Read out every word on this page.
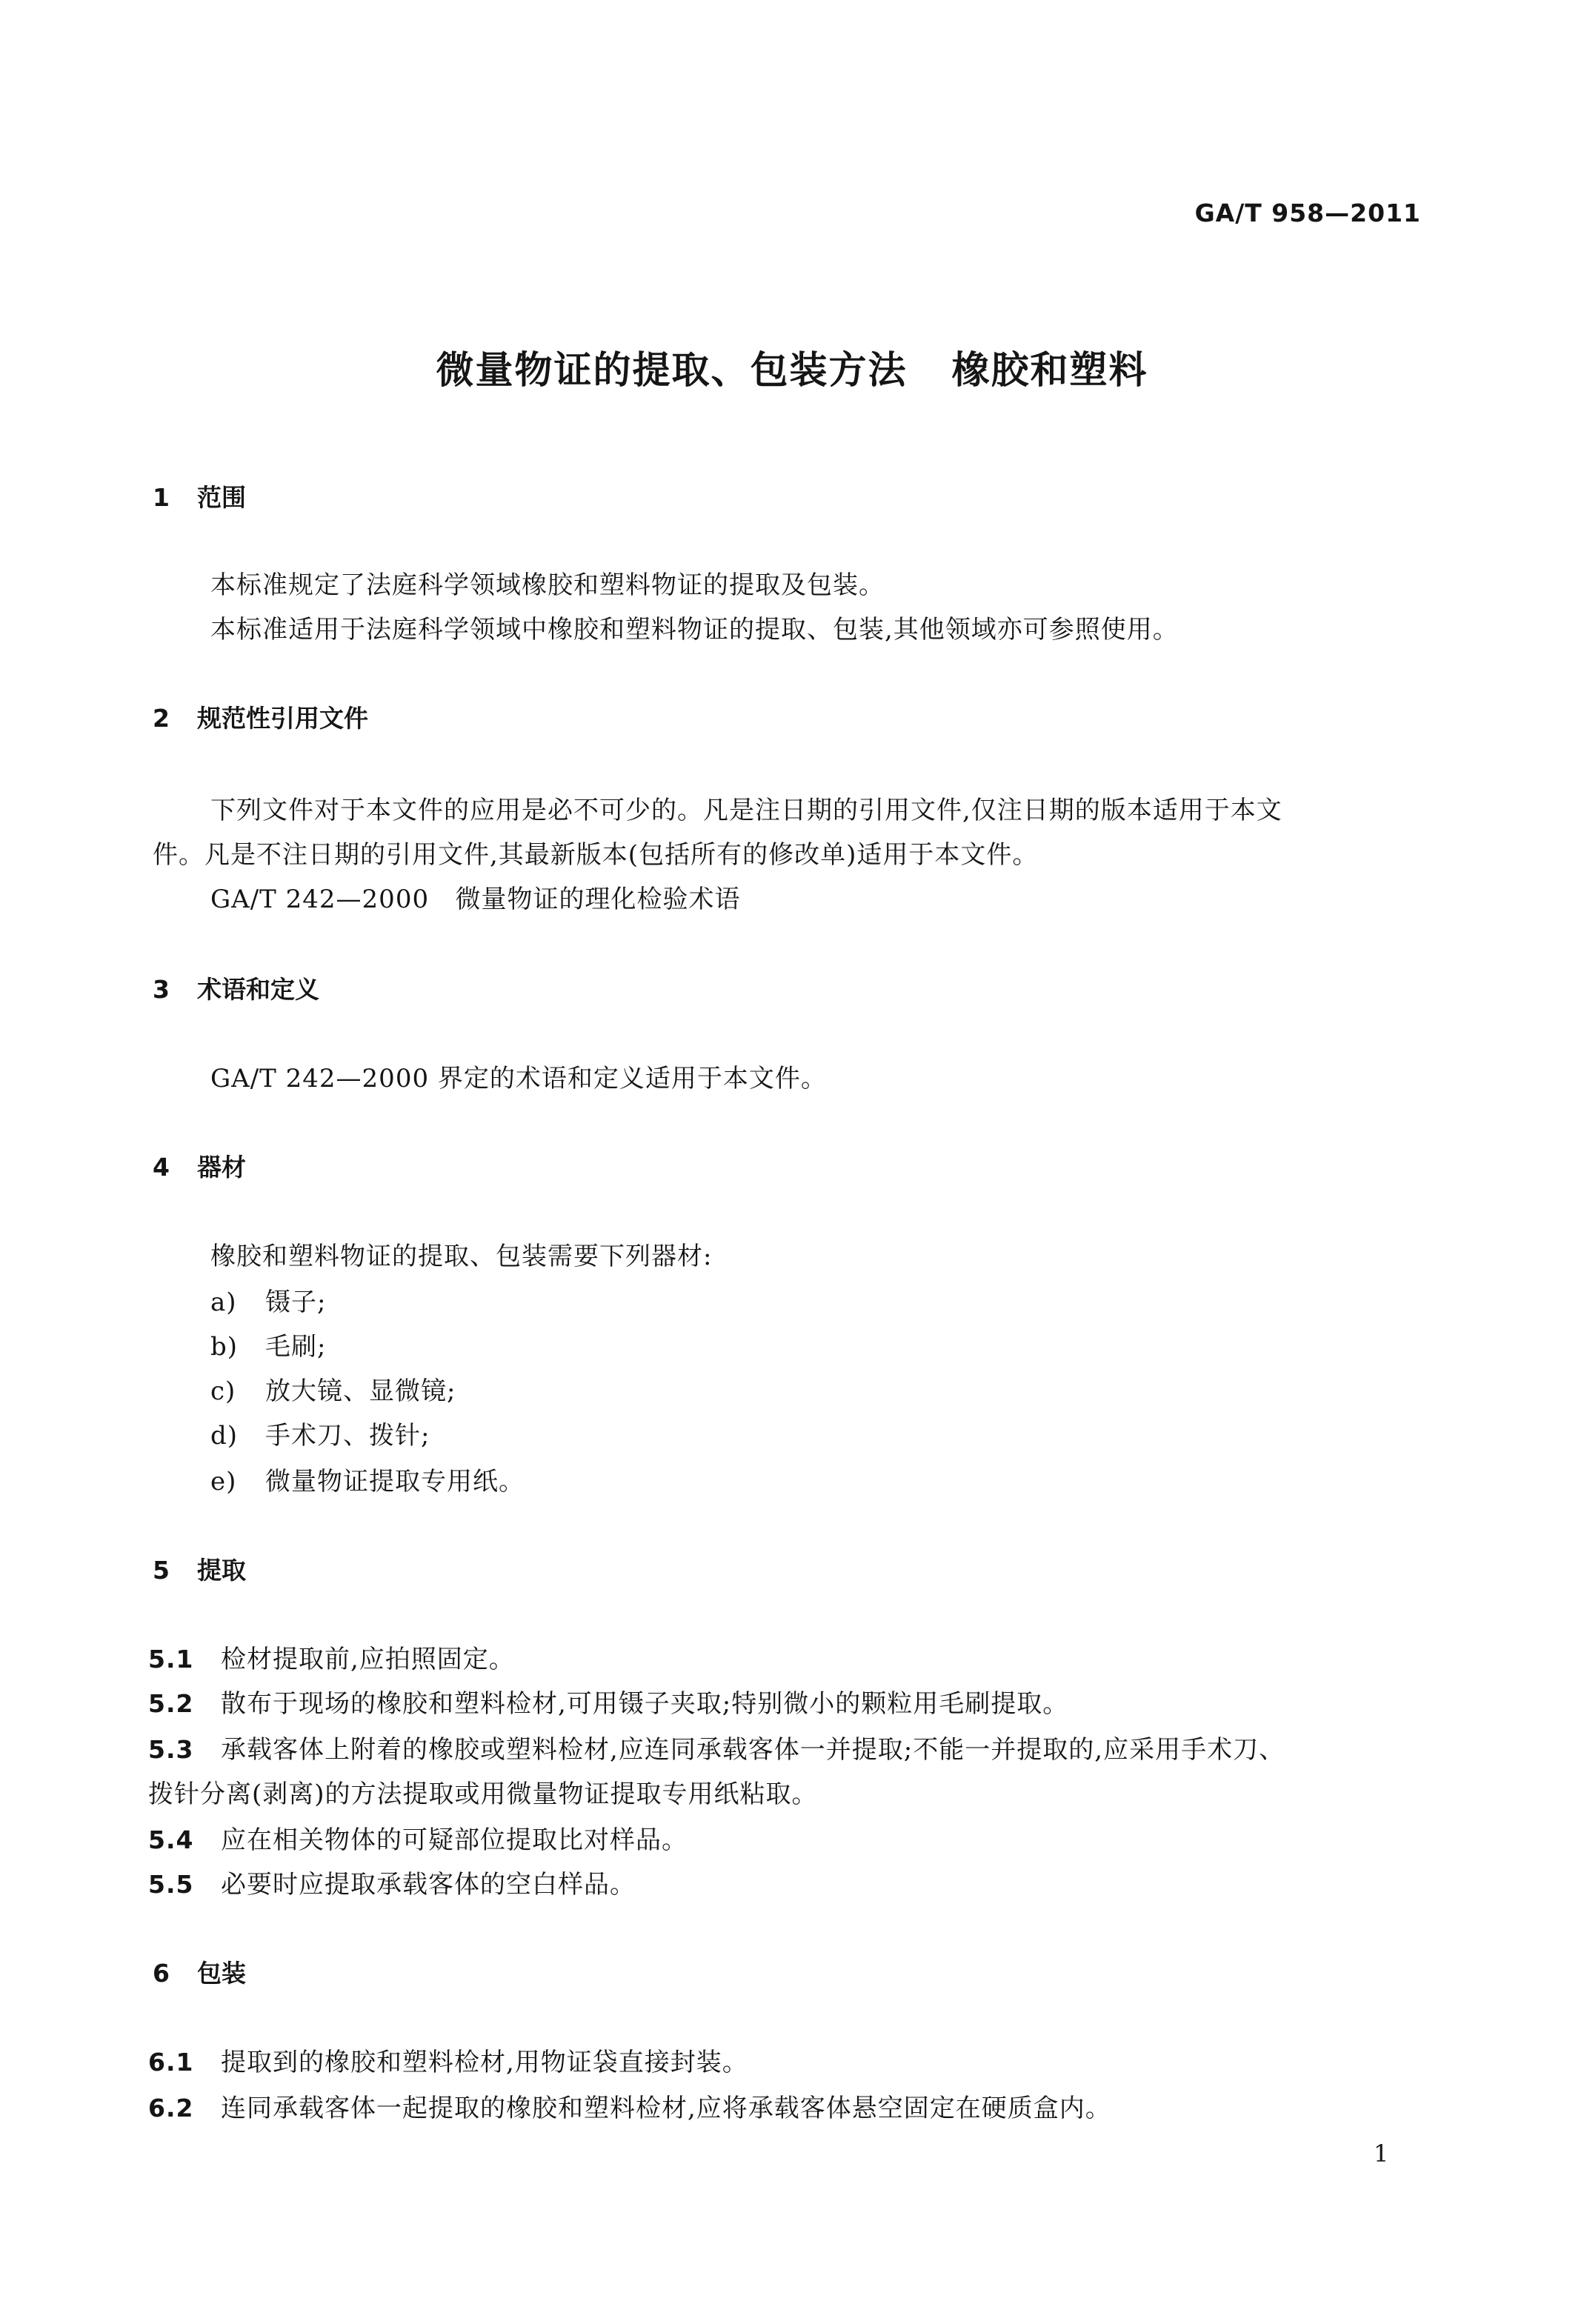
GA/T 958—2011
微量物证的提取、包装方法 橡胶和塑料
1 范围
本标准规定了法庭科学领域橡胶和塑料物证的提取及包装。
本标准适用于法庭科学领域中橡胶和塑料物证的提取、包装,其他领域亦可参照使用。
2 规范性引用文件
下列文件对于本文件的应用是必不可少的。凡是注日期的引用文件,仅注日期的版本适用于本文
件。凡是不注日期的引用文件,其最新版本(包括所有的修改单)适用于本文件。
GA/T 242—2000 微量物证的理化检验术语
3 术语和定义
GA/T 242—2000 界定的术语和定义适用于本文件。
4 器材
橡胶和塑料物证的提取、包装需要下列器材:
a) 镊子;
b) 毛刷;
c) 放大镜、显微镜;
d) 手术刀、拨针;
e) 微量物证提取专用纸。
5 提取
5.1 检材提取前,应拍照固定。
5.2 散布于现场的橡胶和塑料检材,可用镊子夹取;特别微小的颗粒用毛刷提取。
5.3 承载客体上附着的橡胶或塑料检材,应连同承载客体一并提取;不能一并提取的,应采用手术刀、
拨针分离(剥离)的方法提取或用微量物证提取专用纸粘取。
5.4 应在相关物体的可疑部位提取比对样品。
5.5 必要时应提取承载客体的空白样品。
6 包装
6.1 提取到的橡胶和塑料检材,用物证袋直接封装。
6.2 连同承载客体一起提取的橡胶和塑料检材,应将承载客体悬空固定在硬质盒内。
1
